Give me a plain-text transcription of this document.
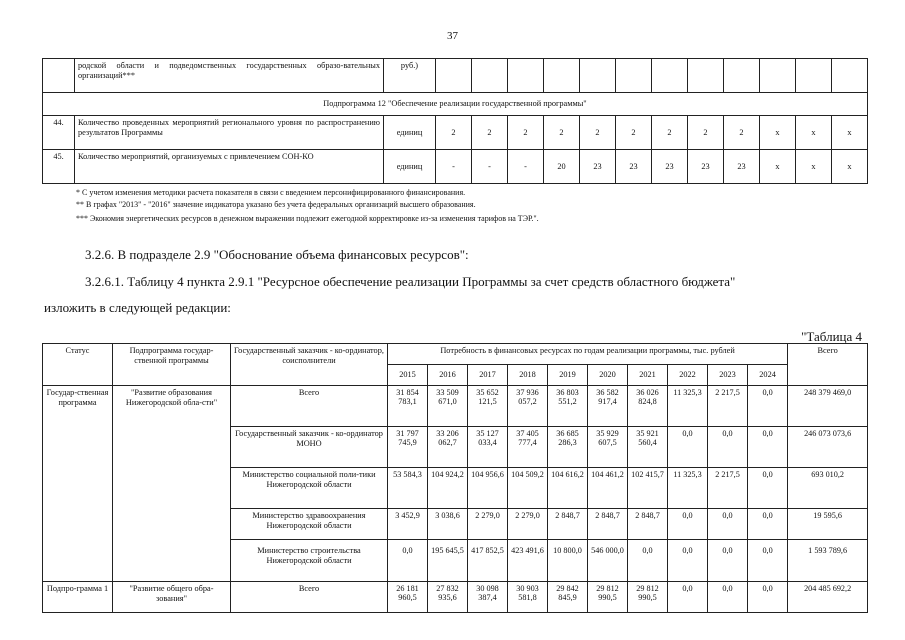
37
	родской области и подведомственных государственных образо-вательных организаций***	руб.)												
Подпрограмма 12 "Обеспечение реализации государственной программы"														
44.	Количество проведенных мероприятий регионального уровня по распространению результатов Программы	единиц	2	2	2	2	2	2	2	2	2	x	x	x
45.	Количество мероприятий, организуемых с привлечением СОН-КО	единиц	-	-	-	20	23	23	23	23	23	x	x	x
* С учетом изменения методики расчета показателя в связи с введением персонифицированного финансирования.
** В графах "2013" - "2016" значение индикатора указано без учета федеральных организаций высшего образования.
*** Экономия энергетических ресурсов в денежном выражении подлежит ежегодной корректировке из-за изменения тарифов на ТЭР.".
3.2.6. В подразделе 2.9 "Обоснование объема финансовых ресурсов":
3.2.6.1. Таблицу 4 пункта 2.9.1 "Ресурсное обеспечение реализации Программы за счет средств областного бюджета"
изложить в следующей редакции:
"Таблица 4
Статус	Подпрограмма государ-ственной программы	Государственный заказчик - ко-ординатор, соисполнители	Потребность в финансовых ресурсах по годам реализации программы, тыс. рублей										Всего
			2015	2016	2017	2018	2019	2020	2021	2022	2023	2024	
Государ-ственная программа	"Развитие образования Нижегородской обла-сти"	Всего	31 854 783,1	33 509 671,0	35 652 121,5	37 936 057,2	36 803 551,2	36 582 917,4	36 026 824,8	11 325,3	2 217,5	0,0	248 379 469,0
		Государственный заказчик - ко-ординатор МОНО	31 797 745,9	33 206 062,7	35 127 033,4	37 405 777,4	36 685 286,3	35 929 607,5	35 921 560,4	0,0	0,0	0,0	246 073 073,6
		Министерство социальной поли-тики Нижегородской области	53 584,3	104 924,2	104 956,6	104 509,2	104 616,2	104 461,2	102 415,7	11 325,3	2 217,5	0,0	693 010,2
		Министерство здравоохранения Нижегородской области	3 452,9	3 038,6	2 279,0	2 279,0	2 848,7	2 848,7	2 848,7	0,0	0,0	0,0	19 595,6
		Министерство строительства Нижегородской области	0,0	195 645,5	417 852,5	423 491,6	10 800,0	546 000,0	0,0	0,0	0,0	0,0	1 593 789,6
Подпро-грамма 1	"Развитие общего обра-зования"	Всего	26 181 960,5	27 832 935,6	30 098 387,4	30 903 581,8	29 842 845,9	29 812 990,5	29 812 990,5	0,0	0,0	0,0	204 485 692,2
